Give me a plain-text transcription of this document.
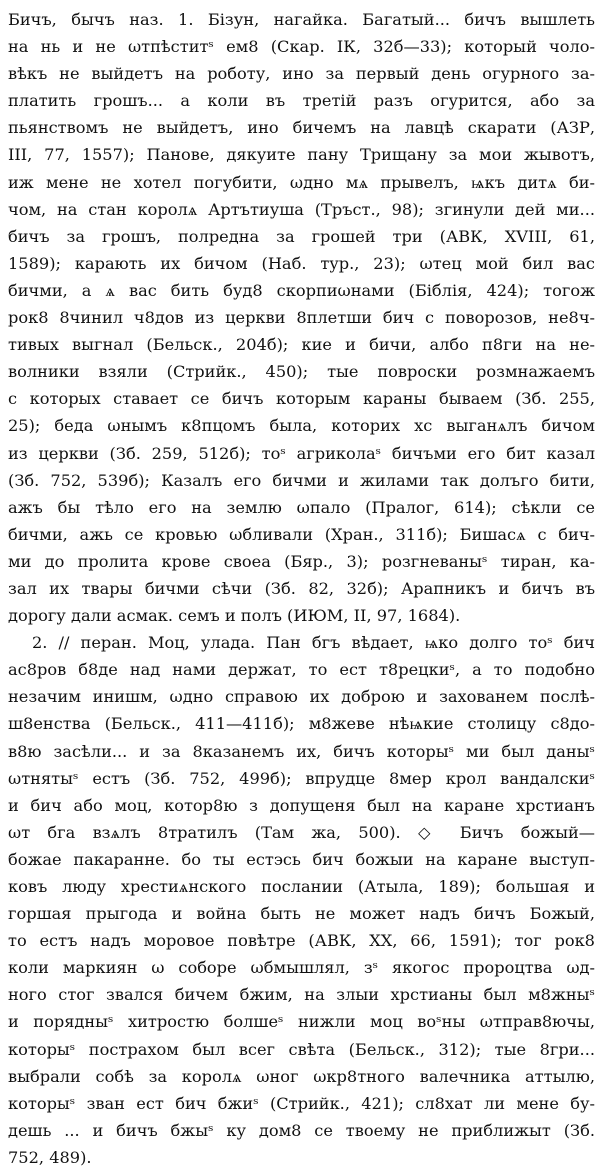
Бичъ, бычъ наз. 1. Бізун, нагайка. Багатый... бичъ вышлеть
на нь и не ωтпѣститˢ ем8 (Скар. ІК, 32б—33); который чоло-
вѣкъ не выйдетъ на роботу, ино за первый день огурного за-
платить грошъ... а коли въ третій разъ огурится, або за
пьянствомъ не выйдетъ, ино бичемъ на лавцѣ скарати (АЗР,
III, 77, 1557); Панове, дякуите пану Трищану за мои жывотъ,
иж мене не хотел погубити, ωдно мѧ прывелъ, ѩкъ дитѧ би-
чом, на стан королѧ Артътиуша (Тръст., 98); згинули дей ми...
бичъ за грошъ, полредна за грошей три (АВК, XVIII, 61,
1589); карають их бичом (Наб. тур., 23); ωтец мой бил вас
бичми, а ѧ вас бить буд8 скорпиωнами (Біблія, 424); тогож
рок8 8чинил ч8дов из церкви 8плетши бич с поворозов, не8ч-
тивых выгнал (Бельск., 204б); кие и бичи, албо п8ги на не-
волники взяли (Стрийк., 450); тые повроски розмнажаемъ
с которых ставает се бичъ которым караны бываем (Зб. 255,
25); беда ωнымъ к8пцомъ была, которих хс выганѧлъ бичом
из церкви (Зб. 259, 512б); тоˢ агриколаˢ бичъми его бит казал
(Зб. 752, 539б); Казалъ его бичми и жилами так долъго бити,
ажъ бы тѣло его на землю ωпало (Пралог, 614); сѣкли се
бичми, ажь се кровью ωбливали (Хран., 311б); Бишасѧ с бич-
ми до пролита крове своеа (Бяр., 3); розгневаныˢ тиран, ка-
зал их твары бичми сѣчи (Зб. 82, 32б); Арапникъ и бичъ въ
дорогу дали асмак. семъ и полъ (ИЮМ, II, 97, 1684).
2. // перан. Моц, улада. Пан бгъ вѣдает, ѩко долго тоˢ бич
ас8ров б8де над нами держат, то ест т8рецкиˢ, а то подобно
незачим инишм, ωдно справою их доброю и захованем послѣ-
ш8енства (Бельск., 411—411б); м8жеве нѣѩкие столицу с8до-
в8ю засѣли... и за 8казанемъ их, бичъ которыˢ ми был даныˢ
ωтнятыˢ естъ (Зб. 752, 499б); впрудце 8мер крол вандалскиˢ
и бич або моц, котор8ю з допущеня был на каране хрстианъ
ωт бга взѧлъ 8тратилъ (Там жа, 500). ◇ Бичъ божый—
божае пакаранне. бо ты естэсь бич божыи на каране выступ-
ковъ люду хрестиѧнского послании (Атыла, 189); большая и
горшая прыгода и война быть не может надъ бичъ Божый,
то естъ надъ моровое повѣтре (АВК, XX, 66, 1591); тог рок8
коли маркиян ω соборе ωбмышлял, зˢ якогос пророцтва ωд-
ного стог звался бичем бжим, на злыи хрстианы был м8жныˢ
и порядныˢ хитростю болшеˢ нижли моц воˢны ωтправ8ючы,
которыˢ пострахом был всег свѣта (Бельск., 312); тые 8гри...
выбрали собѣ за королѧ ωног ωкр8тного валечника аттылю,
которыˢ зван ест бич бжиˢ (Стрийк., 421); сл8хат ли мене бу-
дешь ... и бичъ бжыˢ ку дом8 се твоему не приближыт (Зб.
752, 489).
